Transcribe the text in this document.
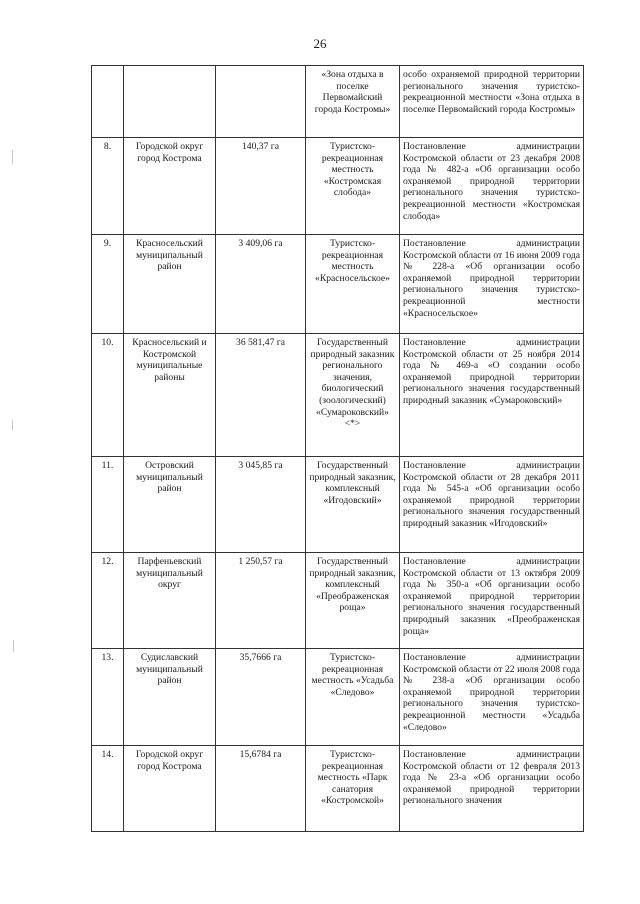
26
			«Зона отдыха в поселке Первомайский города Костромы»	особо охраняемой природной территории регионального значения туристско-рекреационной местности «Зона отдыха в поселке Первомайский города Костромы»
8.	Городской округ город Кострома	140,37 га	Туристско-рекреационная местность «Костромская слобода»	Постановление администрации Костромской области от 23 декабря 2008 года № 482-а «Об организации особо охраняемой природной территории регионального значения туристско-рекреационной местности «Костромская слобода»
9.	Красносельский муниципальный район	3 409,06 га	Туристско-рекреационная местность «Красносельское»	Постановление администрации Костромской области от 16 июня 2009 года № 228-а «Об организации особо охраняемой природной территории регионального значения туристско-рекреационной местности «Красносельское»
10.	Красносельский и Костромской муниципальные районы	36 581,47 га	Государственный природный заказник регионального значения, биологический (зоологический) «Сумароковский» <*>	Постановление администрации Костромской области от 25 ноября 2014 года № 469-а «О создании особо охраняемой природной территории регионального значения государственный природный заказник «Сумароковский»
11.	Островский муниципальный район	3 045,85 га	Государственный природный заказник, комплексный «Игодовский»	Постановление администрации Костромской области от 28 декабря 2011 года № 545-а «Об организации особо охраняемой природной территории регионального значения государственный природный заказник «Игодовский»
12.	Парфеньевский муниципальный округ	1 250,57 га	Государственный природный заказник, комплексный «Преображенская роща»	Постановление администрации Костромской области от 13 октября 2009 года № 350-а «Об организации особо охраняемой природной территории регионального значения государственный природный заказник «Преображенская роща»
13.	Судиславский муниципальный район	35,7666 га	Туристско-рекреационная местность «Усадьба «Следово»	Постановление администрации Костромской области от 22 июля 2008 года № 238-а «Об организации особо охраняемой природной территории регионального значения туристско-рекреационной местности «Усадьба «Следово»
14.	Городской округ город Кострома	15,6784 га	Туристско-рекреационная местность «Парк санатория «Костромской»	Постановление администрации Костромской области от 12 февраля 2013 года № 23-а «Об организации особо охраняемой природной территории регионального значения
